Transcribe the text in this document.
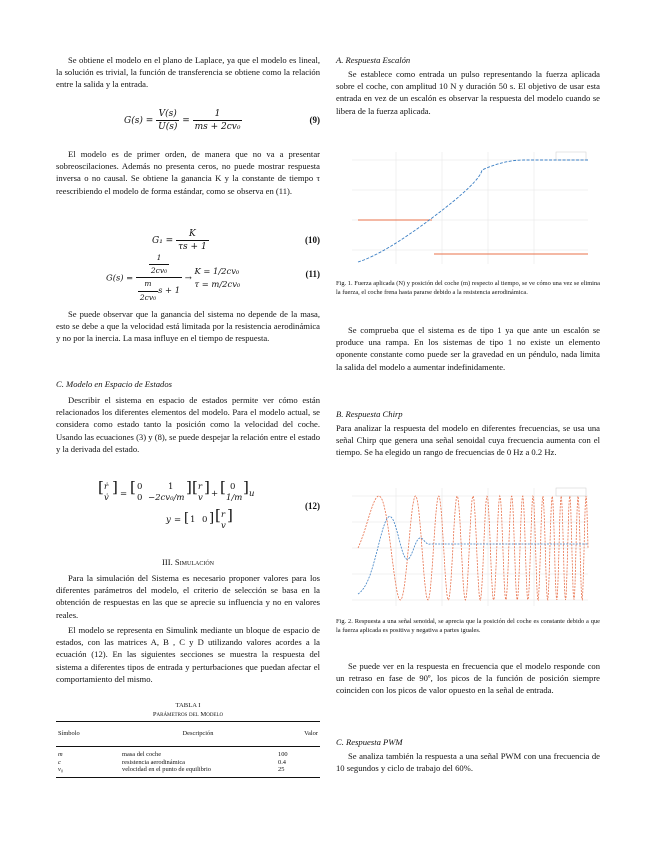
Se obtiene el modelo en el plano de Laplace, ya que el modelo es lineal, la solución es trivial, la función de transferencia se obtiene como la relación entre la salida y la entrada.

$G(s) = \frac{V(s)}{U(s)} = \frac{1}{\text{ms + 2cv₀}}$	(9)

El modelo es de primer orden, de manera que no va a presentar sobreoscilaciones. Además no presenta ceros, no puede mostrar respuesta inversa o no causal. Se obtiene la ganancia K y la constante de tiempo τ reescribiendo el modelo de forma estándar, como se observa en (11).

$G_1 = \frac{K}{\tau s + 1}$	(10)
$G(s) = \frac{\frac{1}{\text{2cv₀}}}{\frac{m}{\text{2cv₀}} s + 1}$ →
K = 1/2cv₀
τ = m/2cv₀
(11)

Se puede observar que la ganancia del sistema no depende de la masa, esto se debe a que la velocidad está limitada por la resistencia aerodinámica y no por la inercia. La masa influye en el tiempo de respuesta.

C. Modelo en Espacio de Estados

Describir el sistema en espacio de estados permite ver cómo están relacionados los diferentes elementos del modelo. Para el modelo actual, se considera como estado tanto la posición como la velocidad del coche. Usando las ecuaciones (3) y (8), se puede despejar la relación entre el estado y la derivada del estado.

[ ṙ
v̇
] = [ 0	1
0 −2cv₀/m
] [ r
v
] + [ 0
1/m
] u
y = [ 1 0 ] [ r
v
]	(12)

III. Simulación

Para la simulación del Sistema es necesario proponer valores para los diferentes parámetros del modelo, el criterio de selección se basa en la obtención de respuestas en las que se aprecie su influencia y no en valores reales.

El modelo se representa en Simulink mediante un bloque de espacio de estados, con las matrices A, B , C y D utilizando valores acordes a la ecuación (12). En las siguientes secciones se muestra la respuesta del sistema a diferentes tipos de entrada y perturbaciones que puedan afectar el comportamiento del mismo.

TABLA I
Parámetros del Modelo
Símbolo	Descripción	Valor
m	masa del coche	100
c	resistencia aerodinámica	0.4
v₀	velocidad en el punto de equilibrio	25

A. Respuesta Escalón

Se establece como entrada un pulso representando la fuerza aplicada sobre el coche, con amplitud 10 N y duración 50 s. El objetivo de usar esta entrada en vez de un escalón es observar la respuesta del modelo cuando se libera de la fuerza aplicada.

Fig. 1. Fuerza aplicada (N) y posición del coche (m) respecto al tiempo, se ve cómo una vez se elimina la fuerza, el coche frena hasta pararse debido a la resistencia aerodinámica.

Se comprueba que el sistema es de tipo 1 ya que ante un escalón se produce una rampa. En los sistemas de tipo 1 no existe un elemento oponente constante como puede ser la gravedad en un péndulo, nada limita la salida del modelo a aumentar indefinidamente.

B. Respuesta Chirp

Para analizar la respuesta del modelo en diferentes frecuencias, se usa una señal Chirp que genera una señal senoidal cuya frecuencia aumenta con el tiempo. Se ha elegido un rango de frecuencias de 0 Hz a 0.2 Hz.

Fig. 2. Respuesta a una señal senoidal, se aprecia que la posición del coche es constante debido a que la fuerza aplicada es positiva y negativa a partes iguales.

Se puede ver en la respuesta en frecuencia que el modelo responde con un retraso en fase de 90º, los picos de la función de posición siempre coinciden con los picos de valor opuesto en la señal de entrada.

C. Respuesta PWM

Se analiza también la respuesta a una señal PWM con una frecuencia de 10 segundos y ciclo de trabajo del 60%.
